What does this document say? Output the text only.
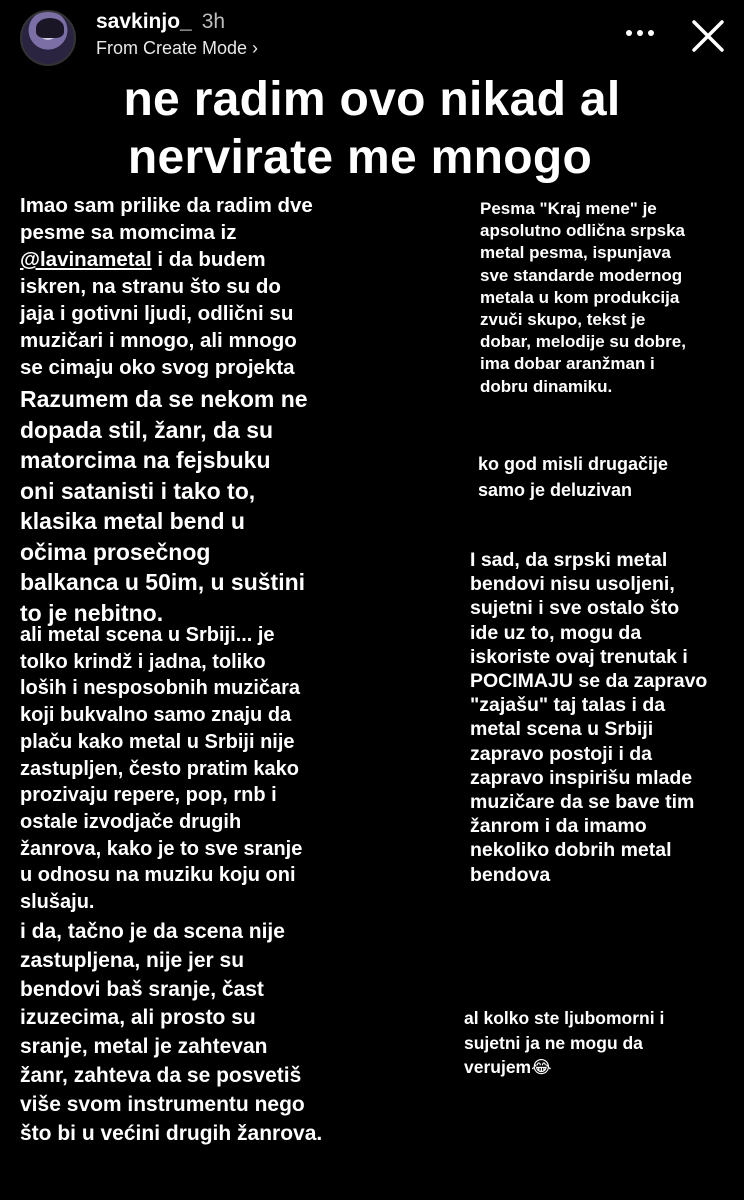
savkinjo_ 3h
From Create Mode ›
ne radim ovo nikad al
nervirate me mnogo
Imao sam prilike da radim dve
pesme sa momcima iz
@lavinametal i da budem
iskren, na stranu što su do
jaja i gotivni ljudi, odlični su
muzičari i mnogo, ali mnogo
se cimaju oko svog projekta
Razumem da se nekom ne
dopada stil, žanr, da su
matorcima na fejsbuku
oni satanisti i tako to,
klasika metal bend u
očima prosečnog
balkanca u 50im, u suštini
to je nebitno.
ali metal scena u Srbiji... je
tolko krindž i jadna, toliko
loših i nesposobnih muzičara
koji bukvalno samo znaju da
plaču kako metal u Srbiji nije
zastupljen, često pratim kako
prozivaju repere, pop, rnb i
ostale izvodjače drugih
žanrova, kako je to sve sranje
u odnosu na muziku koju oni
slušaju.
i da, tačno je da scena nije
zastupljena, nije jer su
bendovi baš sranje, čast
izuzecima, ali prosto su
sranje, metal je zahtevan
žanr, zahteva da se posvetiš
više svom instrumentu nego
što bi u većini drugih žanrova.
Pesma "Kraj mene" je
apsolutno odlična srpska
metal pesma, ispunjava
sve standarde modernog
metala u kom produkcija
zvuči skupo, tekst je
dobar, melodije su dobre,
ima dobar aranžman i
dobru dinamiku.
ko god misli drugačije
samo je deluzivan
I sad, da srpski metal
bendovi nisu usoljeni,
sujetni i sve ostalo što
ide uz to, mogu da
iskoriste ovaj trenutak i
POCIMAJU se da zapravo
"zajašu" taj talas i da
metal scena u Srbiji
zapravo postoji i da
zapravo inspirišu mlade
muzičare da se bave tim
žanrom i da imamo
nekoliko dobrih metal
bendova
al kolko ste ljubomorni i
sujetni ja ne mogu da
verujem😂
